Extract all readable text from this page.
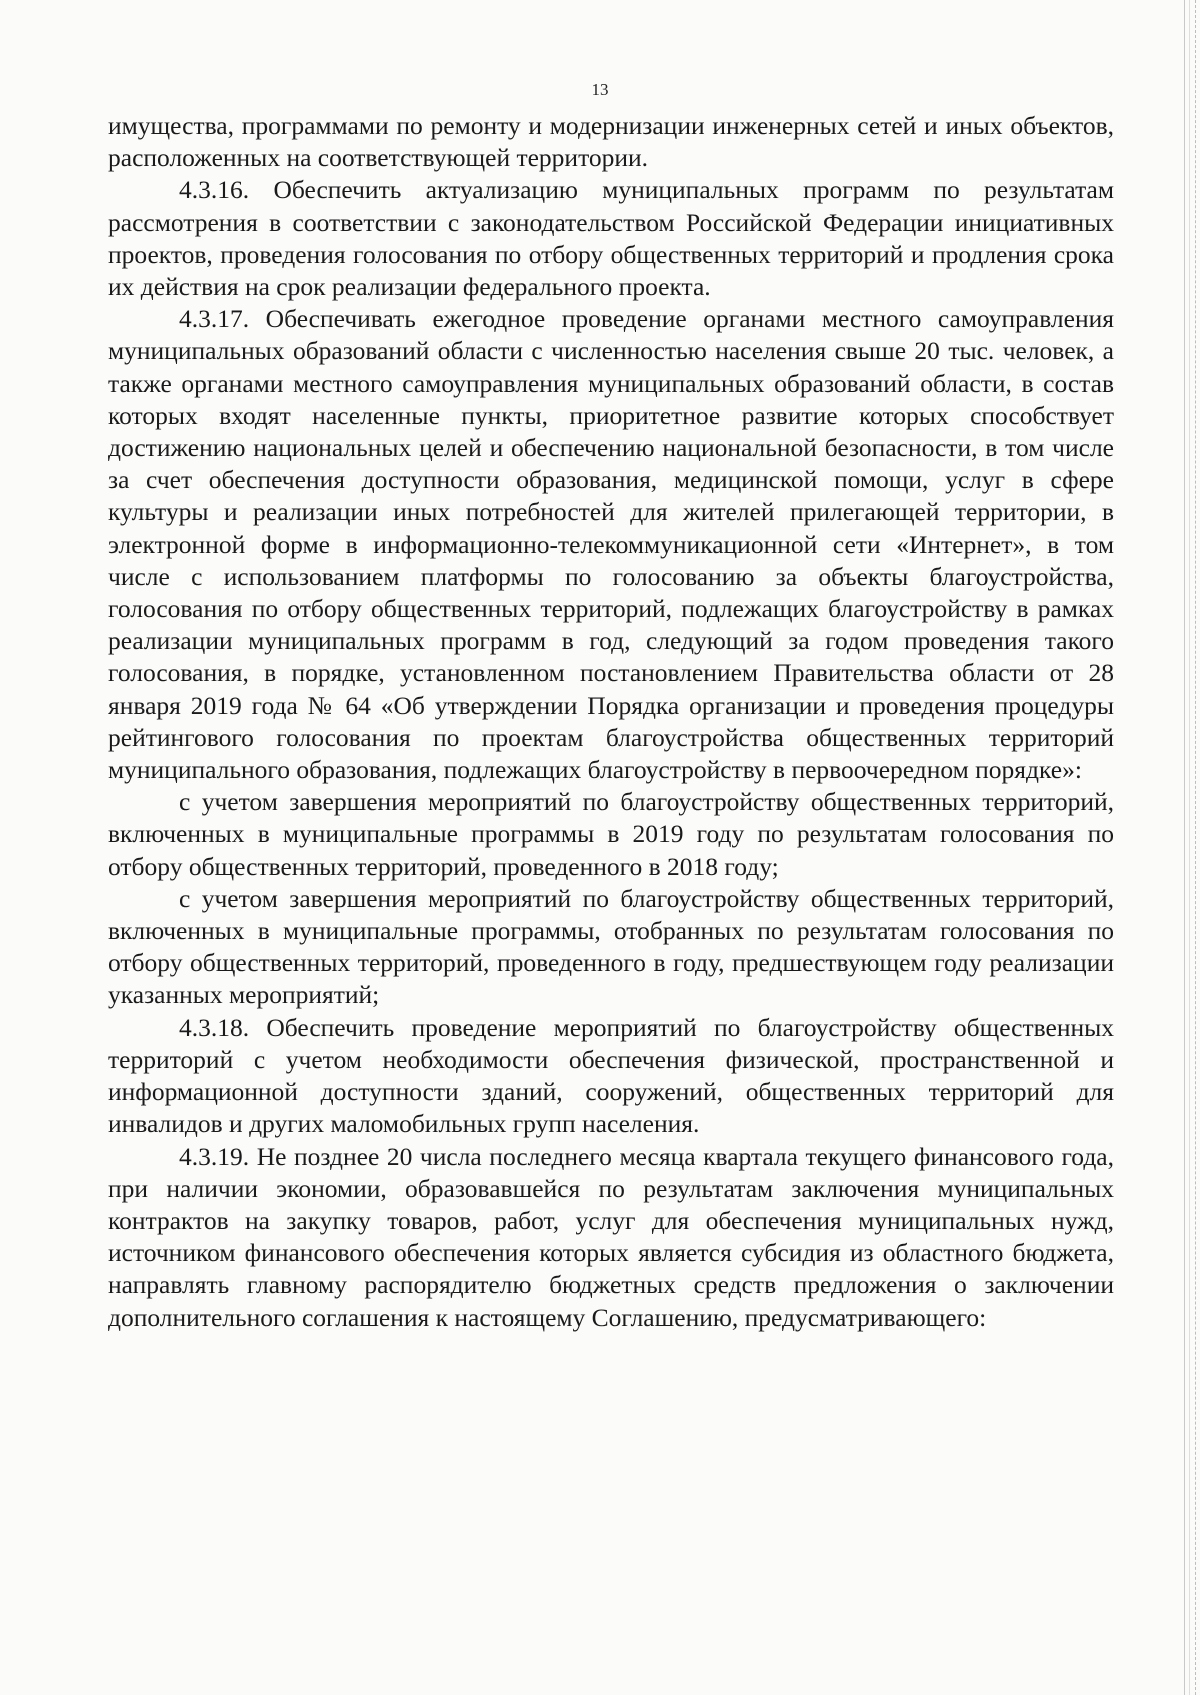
13

имущества, программами по ремонту и модернизации инженерных сетей и иных объектов, расположенных на соответствующей территории.

4.3.16. Обеспечить актуализацию муниципальных программ по результатам рассмотрения в соответствии с законодательством Российской Федерации инициативных проектов, проведения голосования по отбору общественных территорий и продления срока их действия на срок реализации федерального проекта.

4.3.17. Обеспечивать ежегодное проведение органами местного самоуправления муниципальных образований области с численностью населения свыше 20 тыс. человек, а также органами местного самоуправления муниципальных образований области, в состав которых входят населенные пункты, приоритетное развитие которых способствует достижению национальных целей и обеспечению национальной безопасности, в том числе за счет обеспечения доступности образования, медицинской помощи, услуг в сфере культуры и реализации иных потребностей для жителей прилегающей территории, в электронной форме в информационно-телекоммуникационной сети «Интернет», в том числе с использованием платформы по голосованию за объекты благоустройства, голосования по отбору общественных территорий, подлежащих благоустройству в рамках реализации муниципальных программ в год, следующий за годом проведения такого голосования, в порядке, установленном постановлением Правительства области от 28 января 2019 года № 64 «Об утверждении Порядка организации и проведения процедуры рейтингового голосования по проектам благоустройства общественных территорий муниципального образования, подлежащих благоустройству в первоочередном порядке»:

с учетом завершения мероприятий по благоустройству общественных территорий, включенных в муниципальные программы в 2019 году по результатам голосования по отбору общественных территорий, проведенного в 2018 году;

с учетом завершения мероприятий по благоустройству общественных территорий, включенных в муниципальные программы, отобранных по результатам голосования по отбору общественных территорий, проведенного в году, предшествующем году реализации указанных мероприятий;

4.3.18. Обеспечить проведение мероприятий по благоустройству общественных территорий с учетом необходимости обеспечения физической, пространственной и информационной доступности зданий, сооружений, общественных территорий для инвалидов и других маломобильных групп населения.

4.3.19. Не позднее 20 числа последнего месяца квартала текущего финансового года, при наличии экономии, образовавшейся по результатам заключения муниципальных контрактов на закупку товаров, работ, услуг для обеспечения муниципальных нужд, источником финансового обеспечения которых является субсидия из областного бюджета, направлять главному распорядителю бюджетных средств предложения о заключении дополнительного соглашения к настоящему Соглашению, предусматривающего:
